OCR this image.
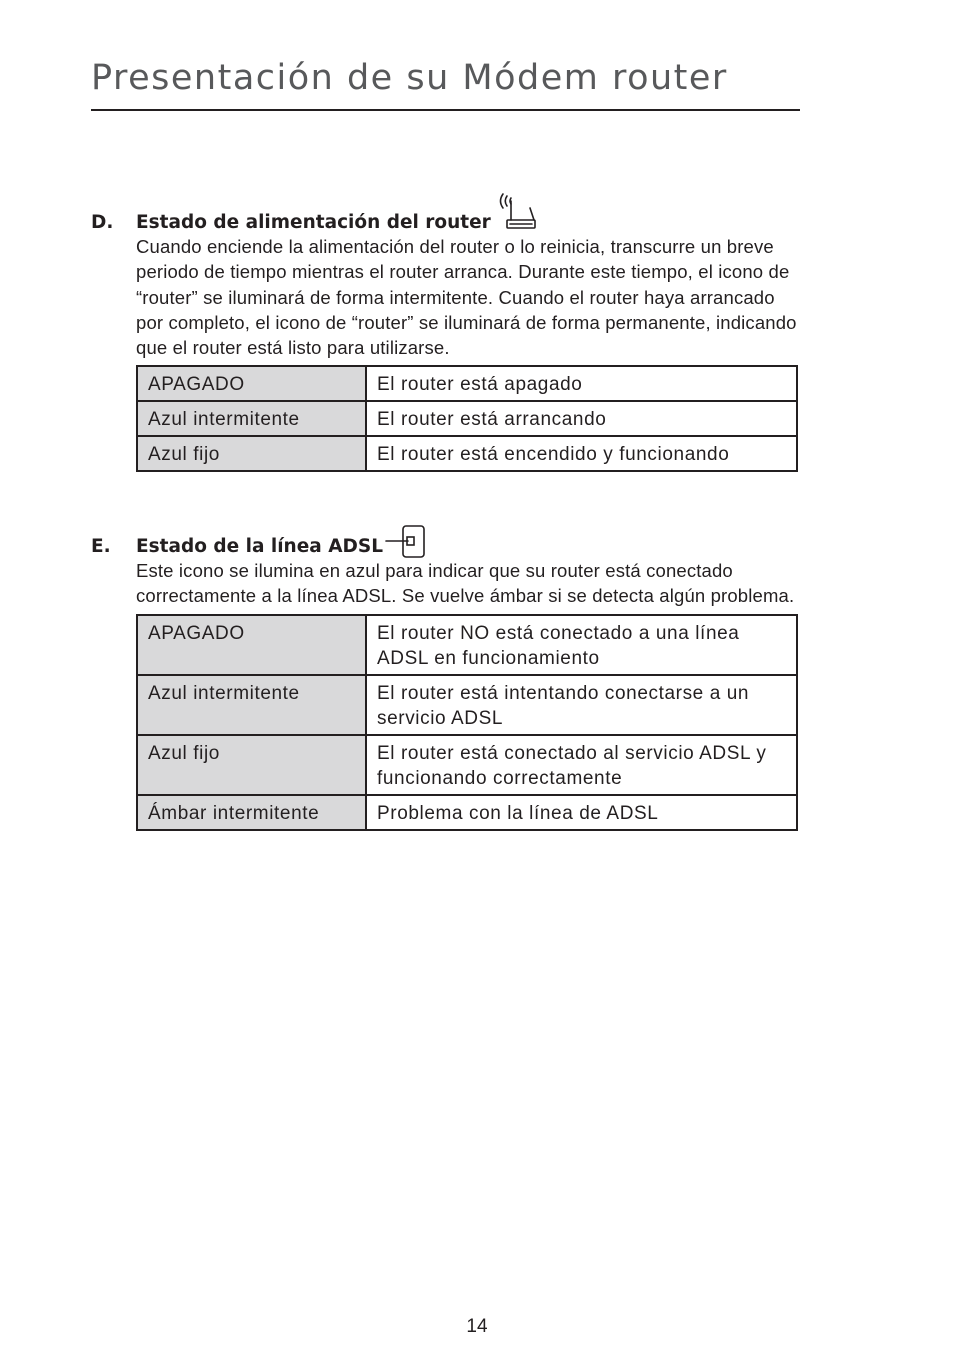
Presentación de su Módem router
D. Estado de alimentación del router
Cuando enciende la alimentación del router o lo reinicia, transcurre un breve periodo de tiempo mientras el router arranca. Durante este tiempo, el icono de “router” se iluminará de forma intermitente. Cuando el router haya arrancado por completo, el icono de “router” se iluminará de forma permanente, indicando que el router está listo para utilizarse.
APAGADO	El router está apagado
Azul intermitente	El router está arrancando
Azul fijo	El router está encendido y funcionando
E. Estado de la línea ADSL
Este icono se ilumina en azul para indicar que su router está conectado correctamente a la línea ADSL. Se vuelve ámbar si se detecta algún problema.
APAGADO	El router NO está conectado a una línea ADSL en funcionamiento
Azul intermitente	El router está intentando conectarse a un servicio ADSL
Azul fijo	El router está conectado al servicio ADSL y funcionando correctamente
Ámbar intermitente	Problema con la línea de ADSL
14
